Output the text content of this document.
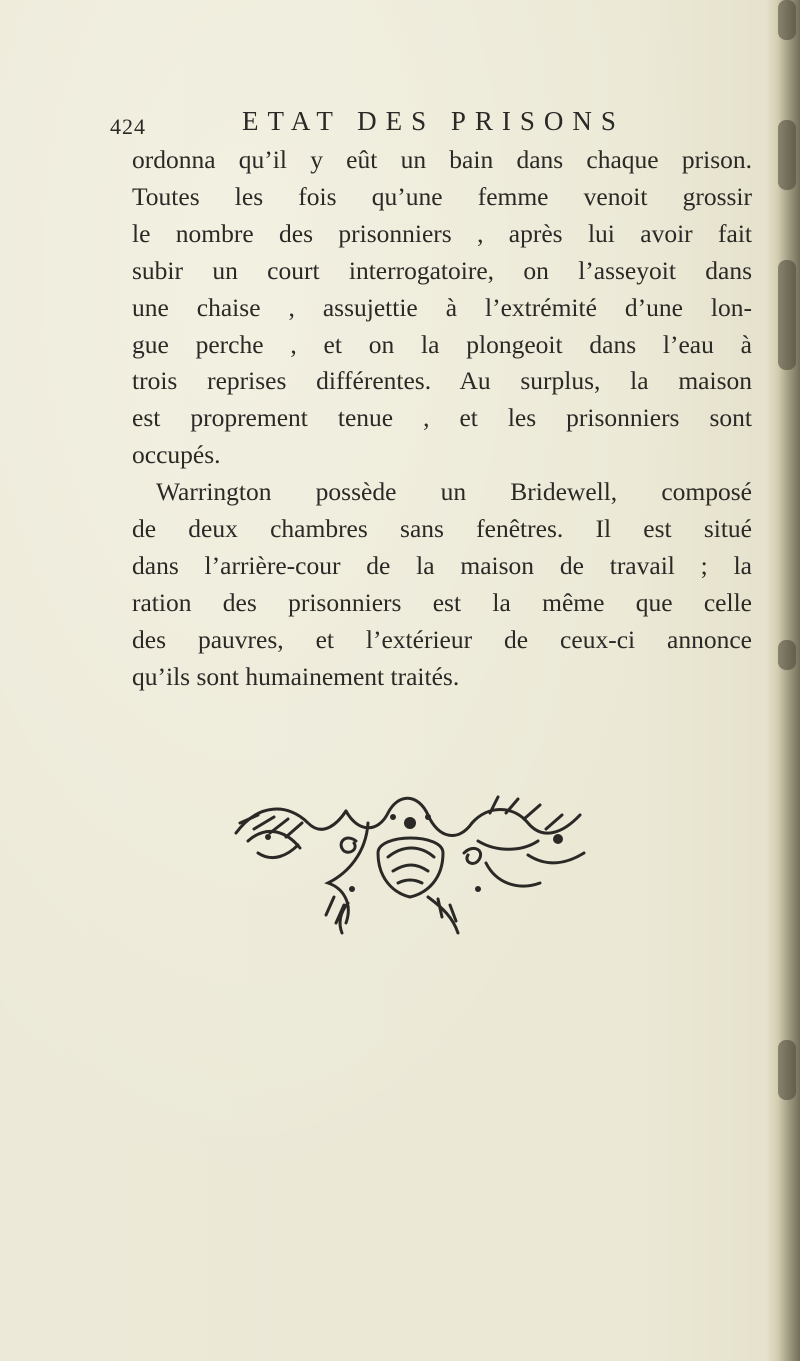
424	ETAT DES PRISONS
ordonna qu’il y eût un bain dans chaque prison.
Toutes les fois qu’une femme venoit grossir
le nombre des prisonniers , après lui avoir fait
subir un court interrogatoire, on l’asseyoit dans
une chaise , assujettie à l’extrémité d’une lon-
gue perche , et on la plongeoit dans l’eau à
trois reprises différentes. Au surplus, la maison
est proprement tenue , et les prisonniers sont
occupés.
Warrington possède un Bridewell, composé
de deux chambres sans fenêtres. Il est situé
dans l’arrière-cour de la maison de travail ; la
ration des prisonniers est la même que celle
des pauvres, et l’extérieur de ceux-ci annonce
qu’ils sont humainement traités.
